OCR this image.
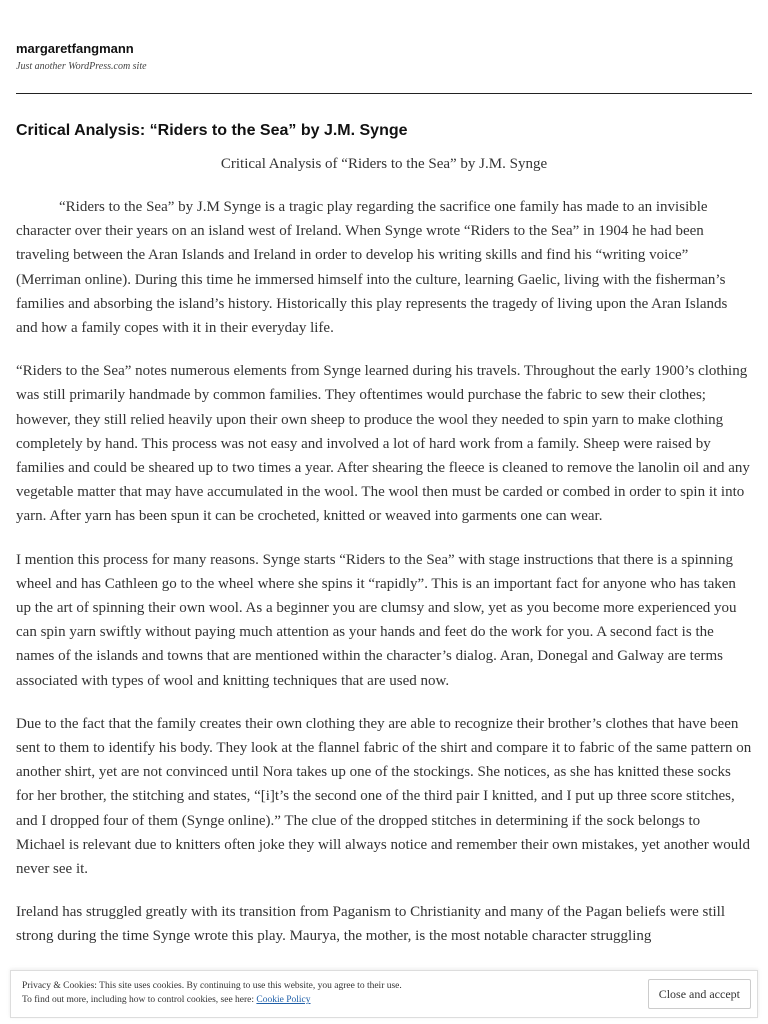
margaretfangmann
Just another WordPress.com site
Critical Analysis: “Riders to the Sea” by J.M. Synge
Critical Analysis of “Riders to the Sea” by J.M. Synge

“Riders to the Sea” by J.M Synge is a tragic play regarding the sacrifice one family has made to an invisible character over their years on an island west of Ireland. When Synge wrote “Riders to the Sea” in 1904 he had been traveling between the Aran Islands and Ireland in order to develop his writing skills and find his “writing voice” (Merriman online). During this time he immersed himself into the culture, learning Gaelic, living with the fisherman’s families and absorbing the island’s history. Historically this play represents the tragedy of living upon the Aran Islands and how a family copes with it in their everyday life.

“Riders to the Sea” notes numerous elements from Synge learned during his travels. Throughout the early 1900’s clothing was still primarily handmade by common families. They oftentimes would purchase the fabric to sew their clothes; however, they still relied heavily upon their own sheep to produce the wool they needed to spin yarn to make clothing completely by hand. This process was not easy and involved a lot of hard work from a family. Sheep were raised by families and could be sheared up to two times a year. After shearing the fleece is cleaned to remove the lanolin oil and any vegetable matter that may have accumulated in the wool. The wool then must be carded or combed in order to spin it into yarn. After yarn has been spun it can be crocheted, knitted or weaved into garments one can wear.

I mention this process for many reasons. Synge starts “Riders to the Sea” with stage instructions that there is a spinning wheel and has Cathleen go to the wheel where she spins it “rapidly”. This is an important fact for anyone who has taken up the art of spinning their own wool. As a beginner you are clumsy and slow, yet as you become more experienced you can spin yarn swiftly without paying much attention as your hands and feet do the work for you. A second fact is the names of the islands and towns that are mentioned within the character’s dialog. Aran, Donegal and Galway are terms associated with types of wool and knitting techniques that are used now.

Due to the fact that the family creates their own clothing they are able to recognize their brother’s clothes that have been sent to them to identify his body. They look at the flannel fabric of the shirt and compare it to fabric of the same pattern on another shirt, yet are not convinced until Nora takes up one of the stockings. She notices, as she has knitted these socks for her brother, the stitching and states, “[i]t’s the second one of the third pair I knitted, and I put up three score stitches, and I dropped four of them (Synge online).” The clue of the dropped stitches in determining if the sock belongs to Michael is relevant due to knitters often joke they will always notice and remember their own mistakes, yet another would never see it.

Ireland has struggled greatly with its transition from Paganism to Christianity and many of the Pagan beliefs were still strong during the time Synge wrote this play. Maurya, the mother, is the most notable character struggling

Privacy & Cookies: This site uses cookies. By continuing to use this website, you agree to their use.
To find out more, including how to control cookies, see here: Cookie Policy	Close and accept
